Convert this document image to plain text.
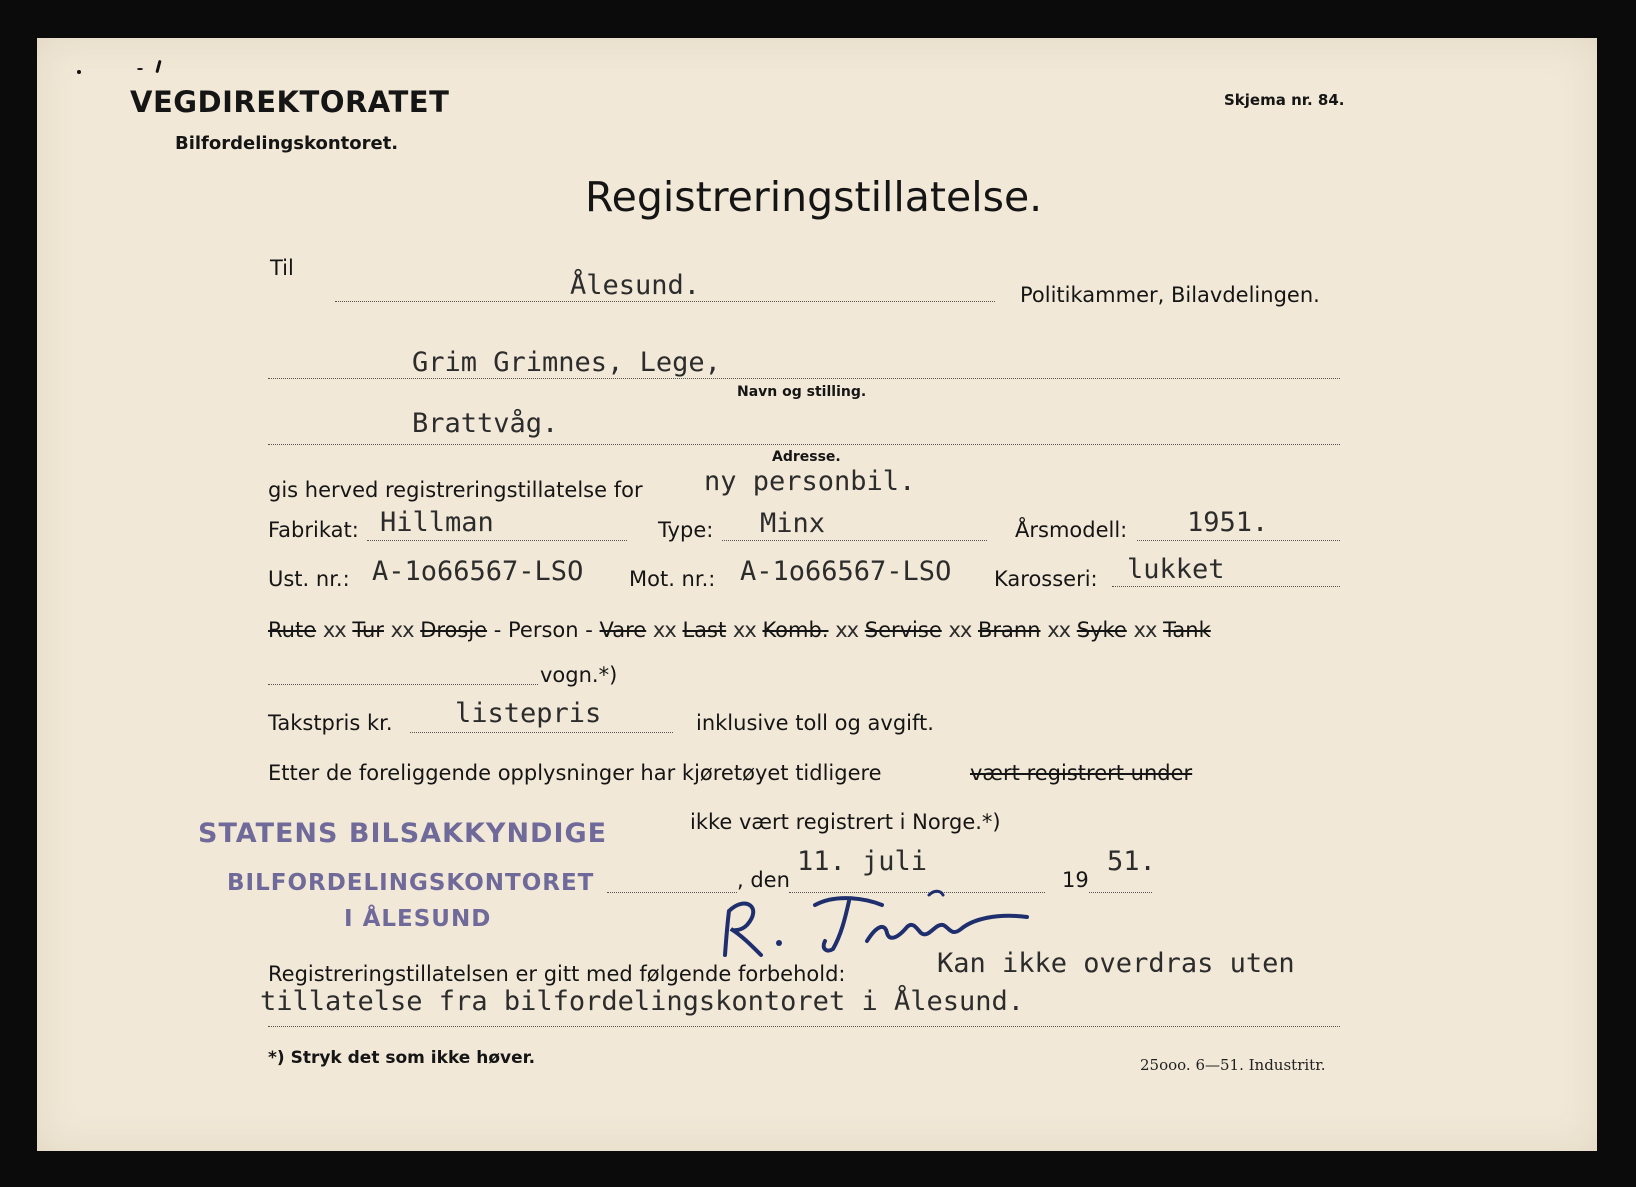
VEGDIREKTORATET
Bilfordelingskontoret.
Skjema nr. 84.
Registreringstillatelse.
Til
Ålesund.	Politikammer, Bilavdelingen.
Grim Grimnes, Lege,
Navn og stilling.
Brattvåg.
Adresse.
gis herved registreringstillatelse for ny personbil.
Fabrikat: Hillman	Type: Minx	Årsmodell: 1951.
Ust. nr.: A-1o66567-LSO Mot. nr.: A-1o66567-LSO Karosseri: lukket
Rute xx Tur xx Drosje - Person - Vare xx Last xx Komb. xx Servise xx Brann xx Syke xx Tank
vogn.*)
Takstpris kr. listepris	inklusive toll og avgift.
Etter de foreliggende opplysninger har kjøretøyet tidligere	vært registrert under
ikke vært registrert i Norge.*)
STATENS BILSAKKYNDIGE
BILFORDELINGSKONTORET
I ÅLESUND
, den
11. juli
19
51.
Registreringstillatelsen er gitt med følgende forbehold:	Kan ikke overdras uten
tillatelse fra bilfordelingskontoret i Ålesund.
*) Stryk det som ikke høver.	25ooo. 6—51. Industritr.
